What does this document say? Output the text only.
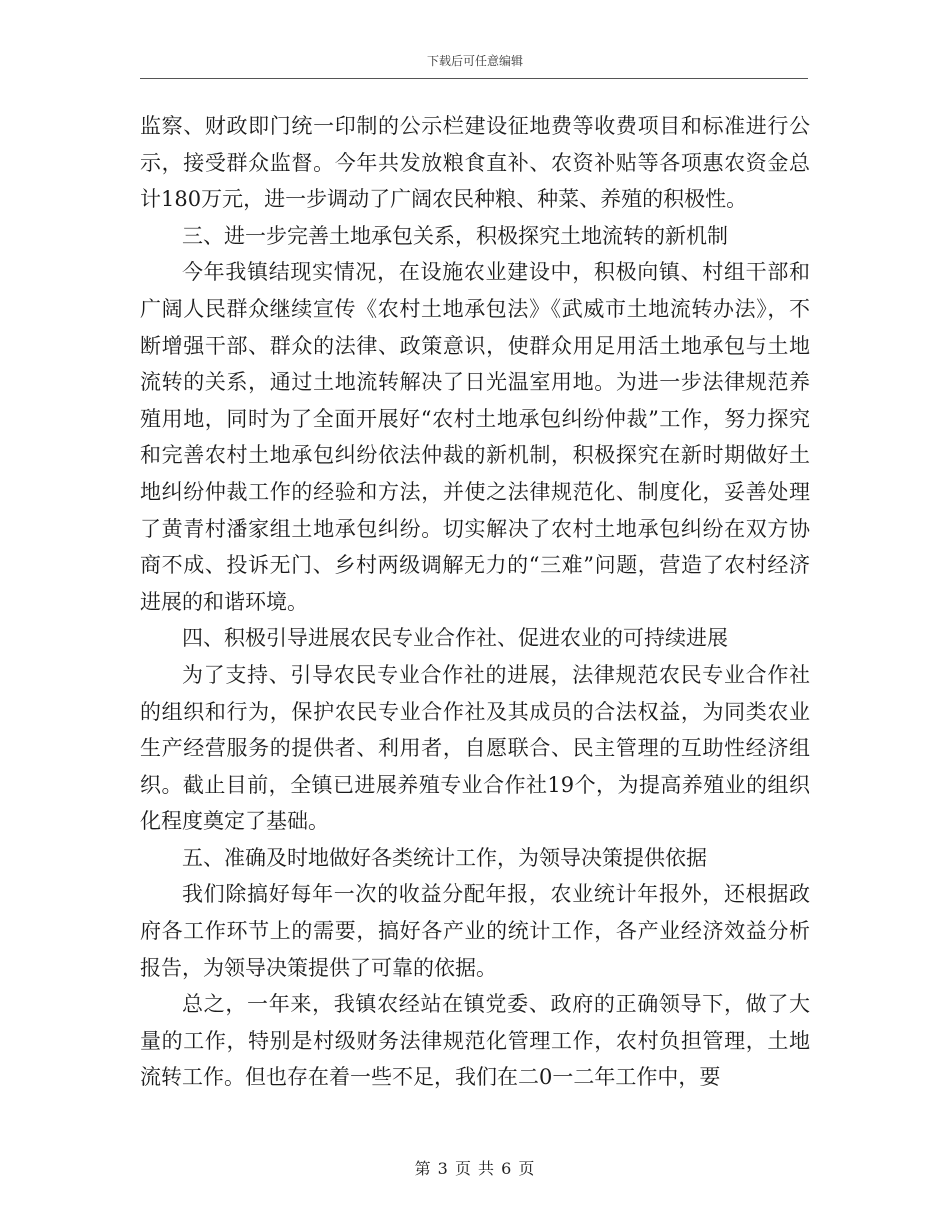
下载后可任意编辑

监察、财政即门统一印制的公示栏建设征地费等收费项目和标准进行公示，接受群众监督。今年共发放粮食直补、农资补贴等各项惠农资金总计180万元，进一步调动了广阔农民种粮、种菜、养殖的积极性。

三、进一步完善土地承包关系，积极探究土地流转的新机制

今年我镇结现实情况，在设施农业建设中，积极向镇、村组干部和广阔人民群众继续宣传《农村土地承包法》《武威市土地流转办法》，不断增强干部、群众的法律、政策意识，使群众用足用活土地承包与土地流转的关系，通过土地流转解决了日光温室用地。为进一步法律规范养殖用地，同时为了全面开展好“农村土地承包纠纷仲裁”工作，努力探究和完善农村土地承包纠纷依法仲裁的新机制，积极探究在新时期做好土地纠纷仲裁工作的经验和方法，并使之法律规范化、制度化，妥善处理了黄青村潘家组土地承包纠纷。切实解决了农村土地承包纠纷在双方协商不成、投诉无门、乡村两级调解无力的“三难”问题，营造了农村经济进展的和谐环境。

四、积极引导进展农民专业合作社、促进农业的可持续进展

为了支持、引导农民专业合作社的进展，法律规范农民专业合作社的组织和行为，保护农民专业合作社及其成员的合法权益，为同类农业生产经营服务的提供者、利用者，自愿联合、民主管理的互助性经济组织。截止目前，全镇已进展养殖专业合作社19个，为提高养殖业的组织化程度奠定了基础。

五、准确及时地做好各类统计工作，为领导决策提供依据

我们除搞好每年一次的收益分配年报，农业统计年报外，还根据政府各工作环节上的需要，搞好各产业的统计工作，各产业经济效益分析报告，为领导决策提供了可靠的依据。

总之，一年来，我镇农经站在镇党委、政府的正确领导下，做了大量的工作，特别是村级财务法律规范化管理工作，农村负担管理，土地流转工作。但也存在着一些不足，我们在二0一二年工作中，要

第 3 页 共 6 页
